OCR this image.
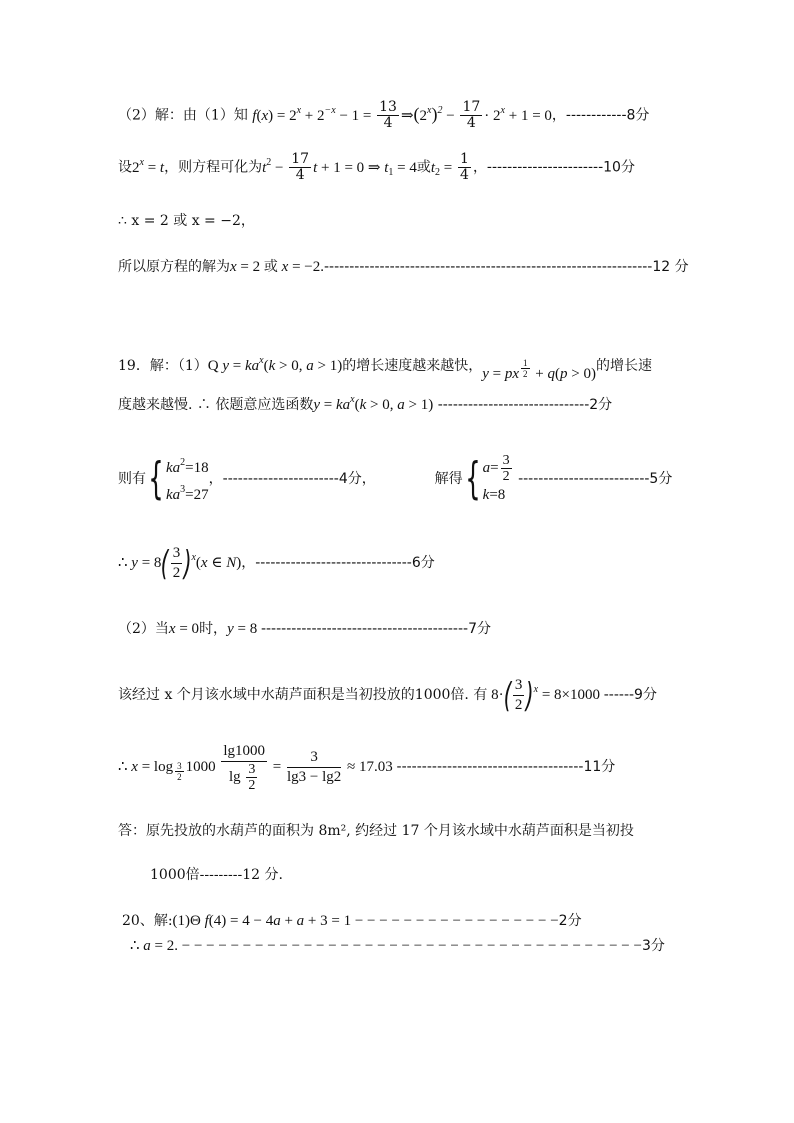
（2）解：由（1）知 $f(x) = 2^x + 2^{-x} - 1 = \frac{13}{4}$ $\Rightarrow(2^x)^2 - \frac{17}{4} \cdot 2^x + 1 = 0$，------------8分
设$2^x = t$，则方程可化为$t^2 - \frac{17}{4}$ t + 1 = 0 ⇒ $t_1 = 4$或$t_2 = \frac{1}{4}$ ，-----------------------10分
∴ x = 2 或 x = −2，
所以原方程的解为x = 2 或 x = −2.-----------------------------------------------------------------12 分
19．解：（1）Q $y = ka^x(k > 0$, a > 1)的增长速度越来越快，y = px $^{\frac{1}{2}}$ + q(p > 0)的增长速
度越来越慢. ∴ 依题意应选函数$y = ka^x(k > 0$, a > 1) ------------------------------2分
则有{ $ka^2=18$
$ka^3=27$
，-----------------------4分，	解得{ $a= \frac{3}{2}$
k=8
--------------------------5分
∴ $y = 8( \frac{3}{2} )^x(x$ ∈ N)，-------------------------------6分
（2）当x = 0时，y = 8 -----------------------------------------7分
该经过 x 个月该水域中水葫芦面积是当初投放的1000倍. 有 $8\cdot( \frac{3}{2} )^x = 8\times 1000$ ------9分
∴ x = log $_{\frac{3}{2}}$ $1000 \frac{\lg 1000}{\lg \frac{3}{2}} = \frac{3}{\lg 3 - \lg 2} \approx 17.03$ -------------------------------------11分
答：原先投放的水葫芦的面积为 8m², 约经过 17 个月该水域中水葫芦面积是当初投
1000倍---------12 分.
20、解:(1)Θ f(4) = 4 − 4a + a + 3 = 1 − − − − − − − − − − − − − − − − −2分
∴ a = 2. − − − − − − − − − − − − − − − − − − − − − − − − − − − − − − − − − − − − − −3分
